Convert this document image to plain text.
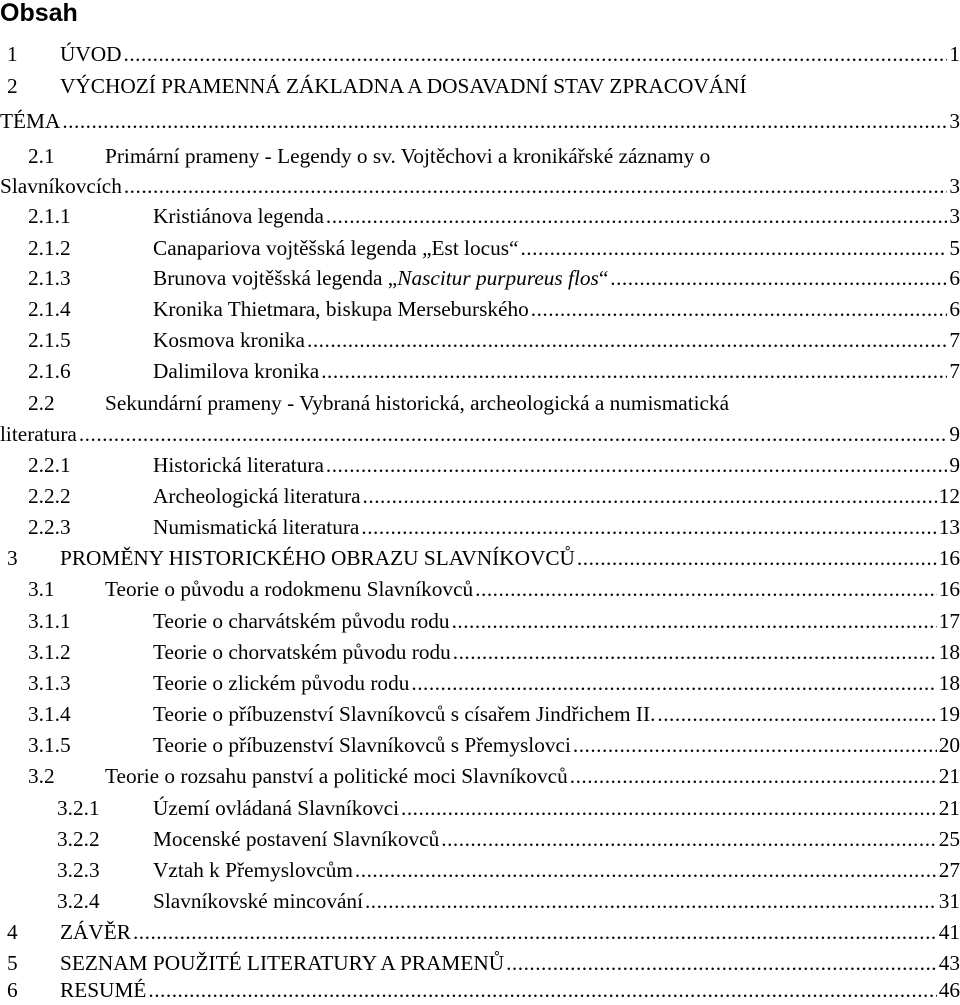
Obsah
1 ÚVOD .....	1
2 VÝCHOZÍ PRAMENNÁ ZÁKLADNA A DOSAVADNÍ STAV ZPRACOVÁNÍ
TÉMA .....	3
2.1 Primární prameny - Legendy o sv. Vojtěchovi a kronikářské záznamy o
Slavníkovcích .....	3
2.1.1	Kristiánova legenda .....	3
2.1.2	Canapariova vojtěšská legenda „Est locus“ .....	5
2.1.3	Brunova vojtěšská legenda „Nascitur purpureus flos“ .....	6
2.1.4	Kronika Thietmara, biskupa Merseburského .....	6
2.1.5	Kosmova kronika .....	7
2.1.6	Dalimilova kronika .....	7
2.2 Sekundární prameny - Vybraná historická, archeologická a numismatická
literatura .....	9
2.2.1	Historická literatura .....	9
2.2.2	Archeologická literatura .....	12
2.2.3	Numismatická literatura .....	13
3 PROMĚNY HISTORICKÉHO OBRAZU SLAVNÍKOVCŮ .....	16
3.1 Teorie o původu a rodokmenu Slavníkovců .....	16
3.1.1	Teorie o charvátském původu rodu .....	17
3.1.2	Teorie o chorvatském původu rodu .....	18
3.1.3	Teorie o zlickém původu rodu .....	18
3.1.4	Teorie o příbuzenství Slavníkovců s císařem Jindřichem II. .....	19
3.1.5	Teorie o příbuzenství Slavníkovců s Přemyslovci .....	20
3.2 Teorie o rozsahu panství a politické moci Slavníkovců .....	21
3.2.1	Území ovládaná Slavníkovci .....	21
3.2.2	Mocenské postavení Slavníkovců .....	25
3.2.3	Vztah k Přemyslovcům .....	27
3.2.4	Slavníkovské mincování .....	31
4 ZÁVĚR .....	41
5 SEZNAM POUŽITÉ LITERATURY A PRAMENŮ .....	43
6 RESUMÉ .....	46
